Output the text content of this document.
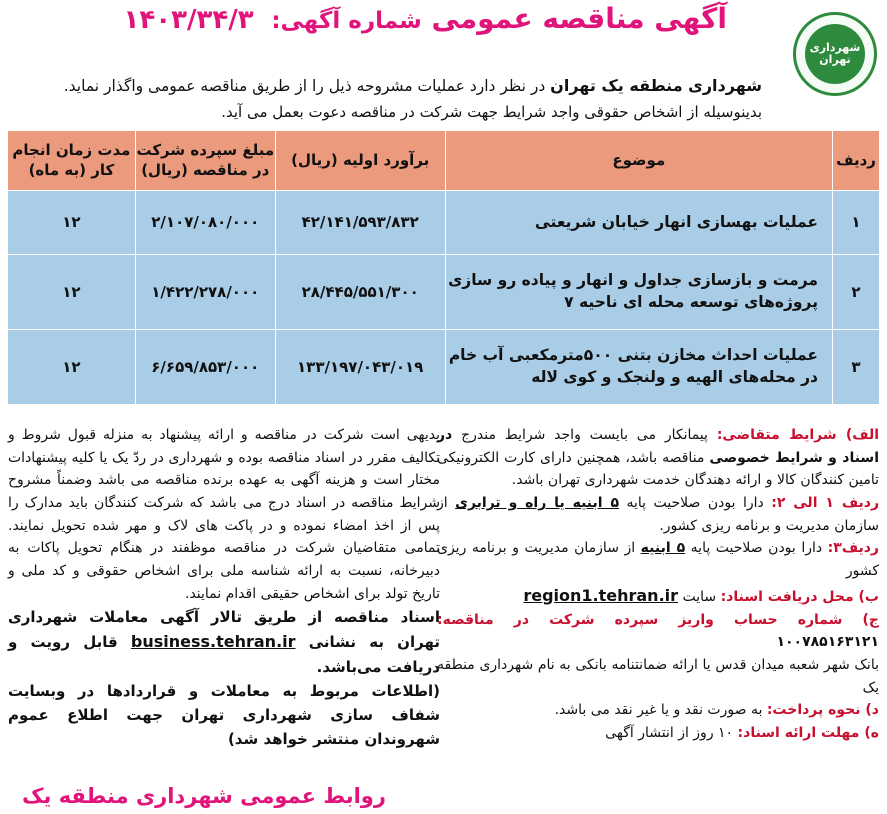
شهرداری تهران
آگهی مناقصه عمومی شماره آگهی: ۱۴۰۳/۳۴/۳
شهرداری منطقه یک تهران در نظر دارد عملیات مشروحه ذیل را از طریق مناقصه عمومی واگذار نماید.
بدینوسیله از اشخاص حقوقی واجد شرایط جهت شرکت در مناقصه دعوت بعمل می آید.
ردیف	موضوع	برآورد اولیه (ریال)	مبلغ سپرده شرکت در مناقصه (ریال)	مدت زمان انجام کار (به ماه)
۱	عملیات بهسازی انهار خیابان شریعتی	۴۲/۱۴۱/۵۹۳/۸۳۲	۲/۱۰۷/۰۸۰/۰۰۰	۱۲
۲	مرمت و بازسازی جداول و انهار و پیاده رو سازی پروژه‌های توسعه محله ای ناحیه ۷	۲۸/۴۴۵/۵۵۱/۳۰۰	۱/۴۲۲/۲۷۸/۰۰۰	۱۲
۳	عملیات احداث مخازن بتنی ۵۰۰مترمکعبی آب خام در محله‌های الهیه و ولنجک و کوی لاله	۱۳۳/۱۹۷/۰۴۳/۰۱۹	۶/۶۵۹/۸۵۳/۰۰۰	۱۲

الف) شرایط متقاضی: پیمانکار می بایست واجد شرایط مندرج در اسناد و شرایط خصوصی مناقصه باشد، همچنین دارای کارت الکترونیکی تامین کنندگان کالا و ارائه دهندگان خدمت شهرداری تهران باشد.

ردیف ۱ الی ۲: دارا بودن صلاحیت پایه ۵ ابنیه یا راه و ترابری از سازمان مدیریت و برنامه ریزی کشور.

ردیف۳: دارا بودن صلاحیت پایه ۵ ابنیه از سازمان مدیریت و برنامه ریزی کشور

ب) محل دریافت اسناد: سایت region1.tehran.ir

ج) شماره حساب واریز سپرده شرکت در مناقصه: ۱۰۰۷۸۵۱۶۳۱۲۱

بانک شهر شعبه میدان قدس یا ارائه ضمانتنامه بانکی به نام شهرداری منطقه یک

د) نحوه پرداخت: به صورت نقد و یا غیر نقد می باشد.

ه) مهلت ارائه اسناد: ۱۰ روز از انتشار آگهی

بدیهی است شرکت در مناقصه و ارائه پیشنهاد به منزله قبول شروط و تکالیف مقرر در اسناد مناقصه بوده و شهرداری در ردّ یک یا کلیه پیشنهادات مختار است و هزینه آگهی به عهده برنده مناقصه می باشد وضمناً مشروح شرایط مناقصه در اسناد درج می باشد که شرکت کنندگان باید مدارک را پس از اخذ امضاء نموده و در پاکت های لاک و مهر شده تحویل نمایند. تمامی متقاضیان شرکت در مناقصه موظفند در هنگام تحویل پاکات به دبیرخانه، نسبت به ارائه شناسه ملی برای اشخاص حقوقی و کد ملی و تاریخ تولد برای اشخاص حقیقی اقدام نمایند.

اسناد مناقصه از طریق تالار آگهی معاملات شهرداری تهران به نشانی business.tehran.ir قابل رویت و دریافت می‌باشد.

(اطلاعات مربوط به معاملات و قراردادها در وبسایت شفاف سازی شهرداری تهران جهت اطلاع عموم شهروندان منتشر خواهد شد)

روابط عمومی شهرداری منطقه یک
